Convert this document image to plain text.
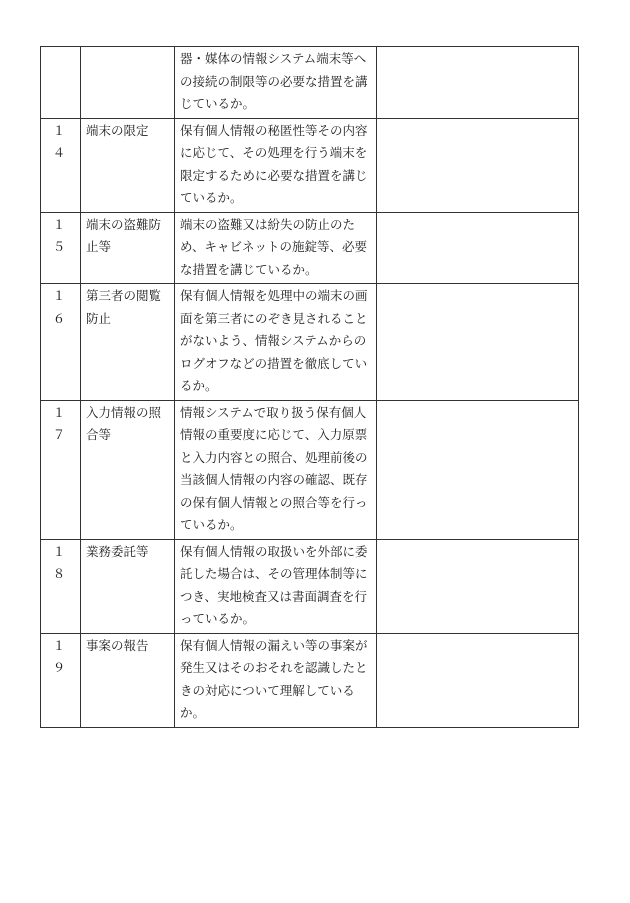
		器・媒体の情報システム端末等への接続の制限等の必要な措置を講じているか。	
１４	端末の限定	保有個人情報の秘匿性等その内容に応じて、その処理を行う端末を限定するために必要な措置を講じているか。	
１５	端末の盗難防止等	端末の盗難又は紛失の防止のため、キャビネットの施錠等、必要な措置を講じているか。	
１６	第三者の閲覧防止	保有個人情報を処理中の端末の画面を第三者にのぞき見されることがないよう、情報システムからのログオフなどの措置を徹底しているか。	
１７	入力情報の照合等	情報システムで取り扱う保有個人情報の重要度に応じて、入力原票と入力内容との照合、処理前後の当該個人情報の内容の確認、既存の保有個人情報との照合等を行っているか。	
１８	業務委託等	保有個人情報の取扱いを外部に委託した場合は、その管理体制等につき、実地検査又は書面調査を行っているか。	
１９	事案の報告	保有個人情報の漏えい等の事案が発生又はそのおそれを認識したときの対応について理解しているか。	
